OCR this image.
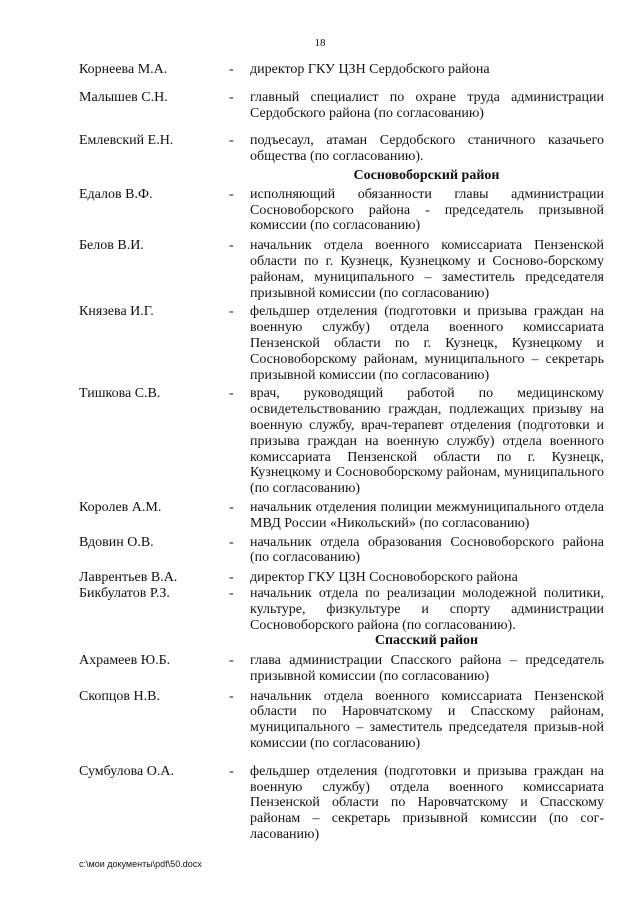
18
Корнеева М.А.	-	директор ГКУ ЦЗН Сердобского района
Малышев С.Н.	-	главный специалист по охране труда администрации Сердобского района (по согласованию)
Емлевский Е.Н.	-	подъесаул, атаман Сердобского станичного казачьего общества (по согласованию).
Сосновоборский район
Едалов В.Ф.	-	исполняющий обязанности главы администрации Сосновоборского района - председатель призывной комиссии (по согласованию)
Белов В.И.	-	начальник отдела военного комиссариата Пензенской области по г. Кузнецк, Кузнецкому и Сосново-борскому районам, муниципального – заместитель председателя призывной комиссии (по согласованию)
Князева И.Г.	-	фельдшер отделения (подготовки и призыва граждан на военную службу) отдела военного комиссариата Пензенской области по г. Кузнецк, Кузнецкому и Сосновоборскому районам, муниципального – секретарь призывной комиссии (по согласованию)
Тишкова С.В.	-	врач, руководящий работой по медицинскому освидетельствованию граждан, подлежащих призыву на военную службу, врач-терапевт отделения (подготовки и призыва граждан на военную службу) отдела военного комиссариата Пензенской области по г. Кузнецк, Кузнецкому и Сосновоборскому районам, муниципального (по согласованию)
Королев А.М.	-	начальник отделения полиции межмуниципального отдела МВД России «Никольский» (по согласованию)
Вдовин О.В.	-	начальник отдела образования Сосновоборского района (по согласованию)
Лаврентьев В.А.	-	директор ГКУ ЦЗН Сосновоборского района
Бикбулатов Р.З.	-	начальник отдела по реализации молодежной политики, культуре, физкультуре и спорту администрации Сосновоборского района (по согласованию).
Спасский район
Ахрамеев Ю.Б.	-	глава администрации Спасского района – председатель призывной комиссии (по согласованию)
Скопцов Н.В.	-	начальник отдела военного комиссариата Пензенской области по Наровчатскому и Спасскому районам, муниципального – заместитель председателя призыв-ной комиссии (по согласованию)
Сумбулова О.А.	-	фельдшер отделения (подготовки и призыва граждан на военную службу) отдела военного комиссариата Пензенской области по Наровчатскому и Спасскому районам – секретарь призывной комиссии (по сог-ласованию)
c:\мои документы\pdf\50.docx
